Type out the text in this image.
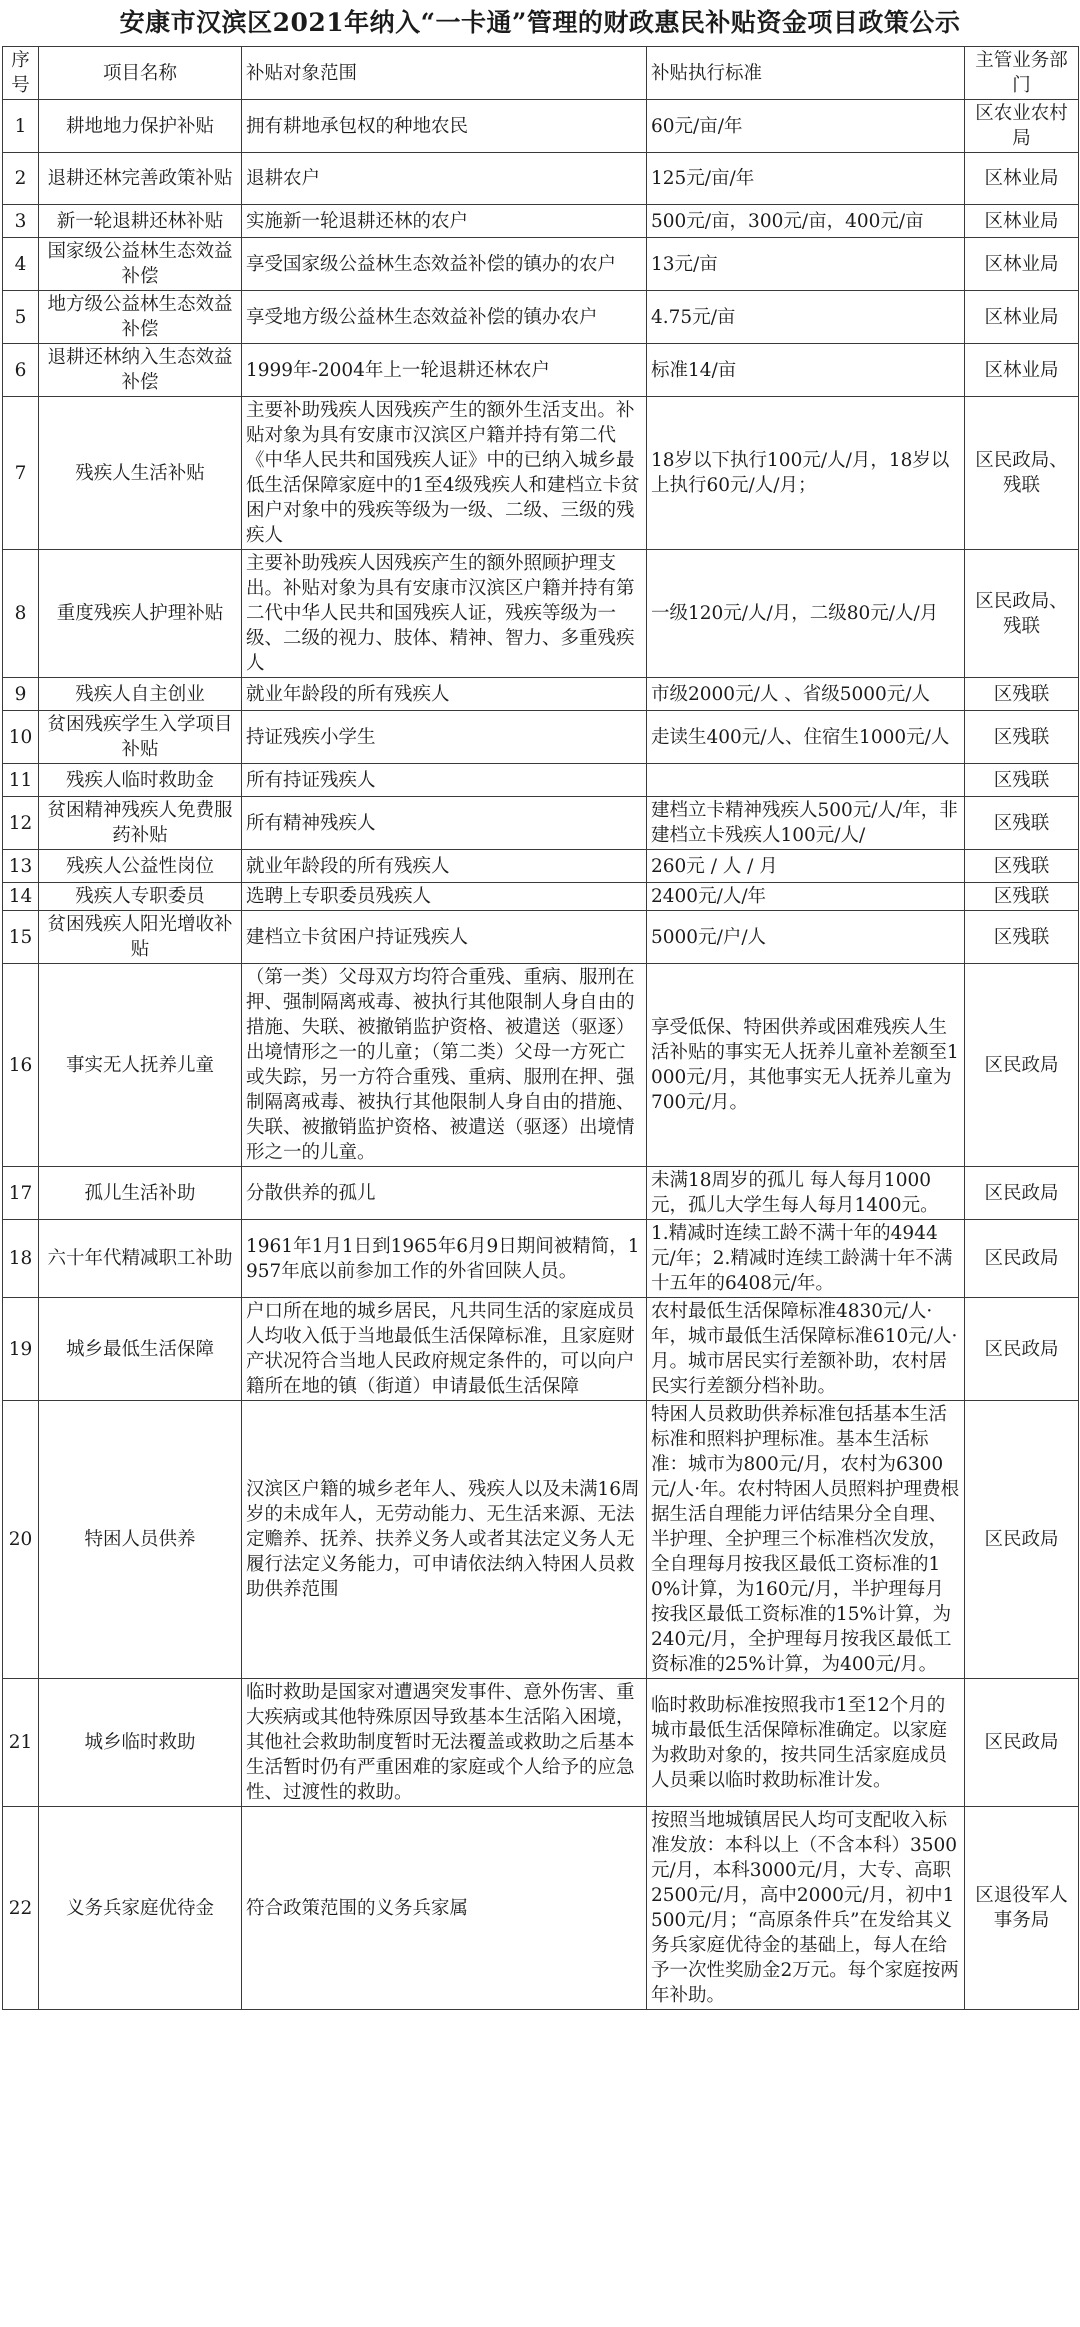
安康市汉滨区2021年纳入“一卡通”管理的财政惠民补贴资金项目政策公示
序号	项目名称	补贴对象范围	补贴执行标准	主管业务部门
1	耕地地力保护补贴	拥有耕地承包权的种地农民	60元/亩/年	区农业农村局
2	退耕还林完善政策补贴	退耕农户	125元/亩/年	区林业局
3	新一轮退耕还林补贴	实施新一轮退耕还林的农户	500元/亩，300元/亩，400元/亩	区林业局
4	国家级公益林生态效益补偿	享受国家级公益林生态效益补偿的镇办的农户	13元/亩	区林业局
5	地方级公益林生态效益补偿	享受地方级公益林生态效益补偿的镇办农户	4.75元/亩	区林业局
6	退耕还林纳入生态效益补偿	1999年-2004年上一轮退耕还林农户	标准14/亩	区林业局
7	残疾人生活补贴	主要补助残疾人因残疾产生的额外生活支出。补贴对象为具有安康市汉滨区户籍并持有第二代《中华人民共和国残疾人证》中的已纳入城乡最低生活保障家庭中的1至4级残疾人和建档立卡贫困户对象中的残疾等级为一级、二级、三级的残疾人	18岁以下执行100元/人/月，18岁以上执行60元/人/月；	区民政局、残联
8	重度残疾人护理补贴	主要补助残疾人因残疾产生的额外照顾护理支出。补贴对象为具有安康市汉滨区户籍并持有第二代中华人民共和国残疾人证，残疾等级为一级、二级的视力、肢体、精神、智力、多重残疾人	一级120元/人/月，二级80元/人/月	区民政局、残联
9	残疾人自主创业	就业年龄段的所有残疾人	市级2000元/人 、省级5000元/人	区残联
10	贫困残疾学生入学项目补贴	持证残疾小学生	走读生400元/人、住宿生1000元/人	区残联
11	残疾人临时救助金	所有持证残疾人		区残联
12	贫困精神残疾人免费服药补贴	所有精神残疾人	建档立卡精神残疾人500元/人/年，非建档立卡残疾人100元/人/	区残联
13	残疾人公益性岗位	就业年龄段的所有残疾人	260元 / 人 / 月	区残联
14	残疾人专职委员	选聘上专职委员残疾人	2400元/人/年	区残联
15	贫困残疾人阳光增收补贴	建档立卡贫困户持证残疾人	5000元/户/人	区残联
16	事实无人抚养儿童	（第一类）父母双方均符合重残、重病、服刑在押、强制隔离戒毒、被执行其他限制人身自由的措施、失联、被撤销监护资格、被遣送（驱逐）出境情形之一的儿童；（第二类）父母一方死亡或失踪，另一方符合重残、重病、服刑在押、强制隔离戒毒、被执行其他限制人身自由的措施、失联、被撤销监护资格、被遣送（驱逐）出境情形之一的儿童。	享受低保、特困供养或困难残疾人生活补贴的事实无人抚养儿童补差额至1000元/月，其他事实无人抚养儿童为700元/月。	区民政局
17	孤儿生活补助	分散供养的孤儿	未满18周岁的孤儿 每人每月1000元，孤儿大学生每人每月1400元。	区民政局
18	六十年代精减职工补助	1961年1月1日到1965年6月9日期间被精简，1957年底以前参加工作的外省回陕人员。	1.精减时连续工龄不满十年的4944元/年；2.精减时连续工龄满十年不满十五年的6408元/年。	区民政局
19	城乡最低生活保障	户口所在地的城乡居民，凡共同生活的家庭成员人均收入低于当地最低生活保障标准，且家庭财产状况符合当地人民政府规定条件的，可以向户籍所在地的镇（街道）申请最低生活保障	农村最低生活保障标准4830元/人·年，城市最低生活保障标准610元/人·月。城市居民实行差额补助，农村居民实行差额分档补助。	区民政局
20	特困人员供养	汉滨区户籍的城乡老年人、残疾人以及未满16周岁的未成年人，无劳动能力、无生活来源、无法定赡养、抚养、扶养义务人或者其法定义务人无履行法定义务能力，可申请依法纳入特困人员救助供养范围	特困人员救助供养标准包括基本生活标准和照料护理标准。基本生活标准：城市为800元/月，农村为6300元/人·年。农村特困人员照料护理费根据生活自理能力评估结果分全自理、半护理、全护理三个标准档次发放，全自理每月按我区最低工资标准的10%计算，为160元/月，半护理每月按我区最低工资标准的15%计算，为240元/月，全护理每月按我区最低工资标准的25%计算，为400元/月。	区民政局
21	城乡临时救助	临时救助是国家对遭遇突发事件、意外伤害、重大疾病或其他特殊原因导致基本生活陷入困境，其他社会救助制度暂时无法覆盖或救助之后基本生活暂时仍有严重困难的家庭或个人给予的应急性、过渡性的救助。	临时救助标准按照我市1至12个月的城市最低生活保障标准确定。以家庭为救助对象的，按共同生活家庭成员人员乘以临时救助标准计发。	区民政局
22	义务兵家庭优待金	符合政策范围的义务兵家属	按照当地城镇居民人均可支配收入标准发放：本科以上（不含本科）3500元/月，本科3000元/月，大专、高职2500元/月，高中2000元/月，初中1500元/月；“高原条件兵”在发给其义务兵家庭优待金的基础上，每人在给予一次性奖励金2万元。每个家庭按两年补助。	区退役军人事务局
